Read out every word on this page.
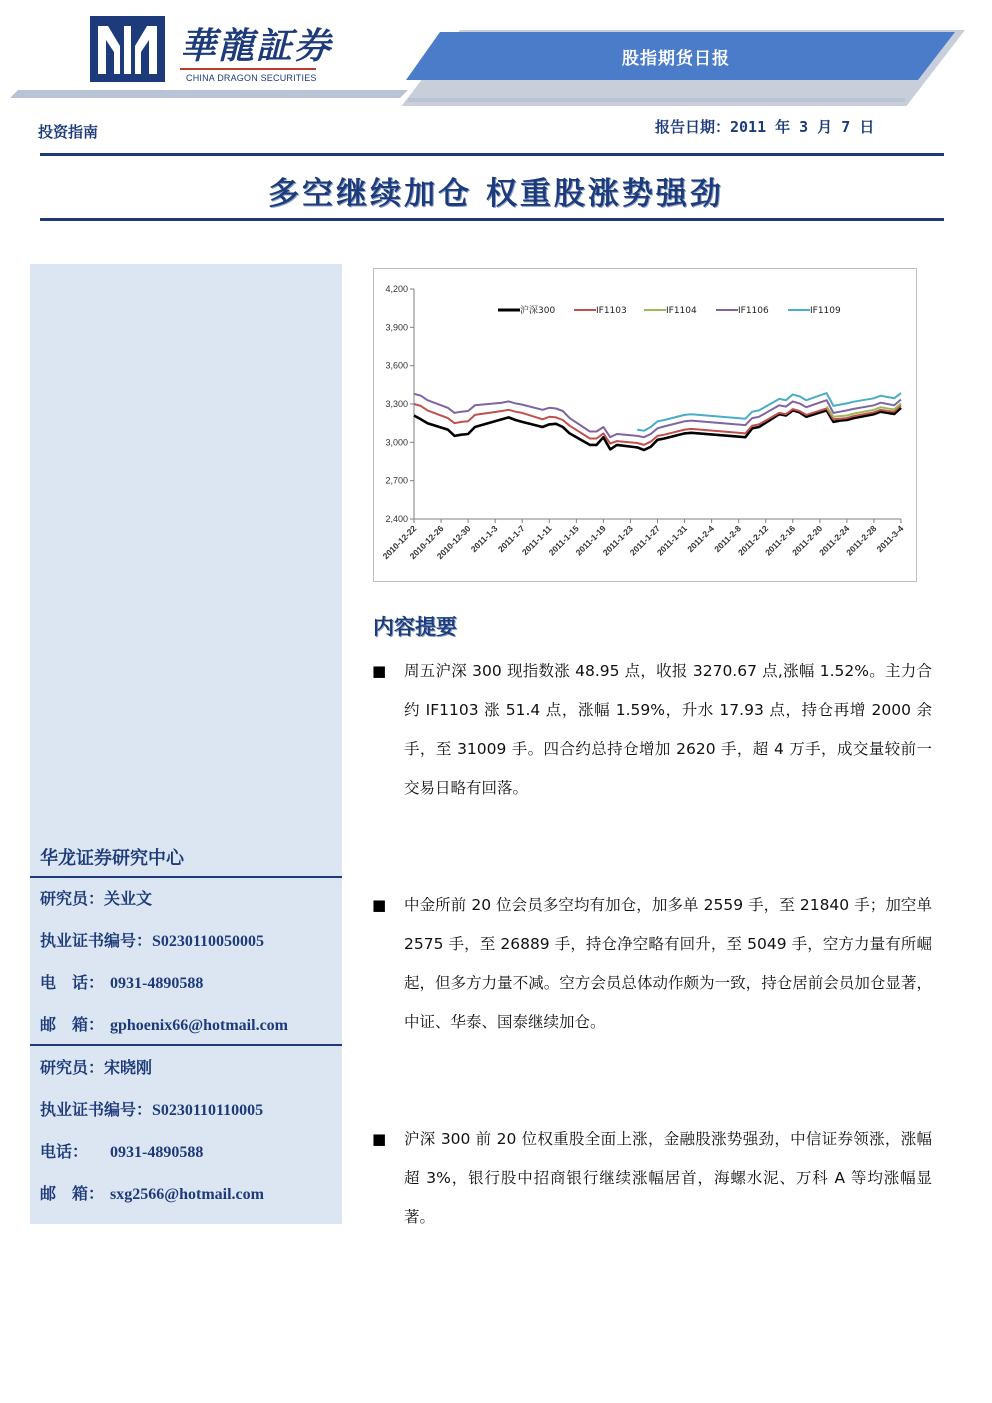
華龍証券
CHINA DRAGON SECURITIES
股指期货日报
投资指南	报告日期：2011 年 3 月 7 日
多空继续加仓 权重股涨势强劲
华龙证券研究中心
研究员：关业文
执业证书编号：S0230110050005
电　话： 0931-4890588
邮　箱： gphoenix66@hotmail.com
研究员：宋晓刚
执业证书编号：S0230110110005
电话： 0931-4890588
邮　箱： sxg2566@hotmail.com
2,400
2,700
3,000
3,300
3,600
3,900
4,200
2010-12-22
2010-12-26
2010-12-30
2011-1-3
2011-1-7
2011-1-11
2011-1-15
2011-1-19
2011-1-23
2011-1-27
2011-1-31
2011-2-4
2011-2-8
2011-2-12
2011-2-16
2011-2-20
2011-2-24
2011-2-28
2011-3-4
沪深300	IF1103	IF1104	IF1106	IF1109
内容提要
■ 周五沪深 300 现指数涨 48.95 点，收报 3270.67 点,涨幅 1.52%。主力合约 IF1103 涨 51.4 点，涨幅 1.59%，升水 17.93 点，持仓再增 2000 余手，至 31009 手。四合约总持仓增加 2620 手，超 4 万手，成交量较前一交易日略有回落。
■ 中金所前 20 位会员多空均有加仓，加多单 2559 手，至 21840 手；加空单 2575 手，至 26889 手，持仓净空略有回升，至 5049 手，空方力量有所崛起，但多方力量不减。空方会员总体动作颇为一致，持仓居前会员加仓显著，中证、华泰、国泰继续加仓。
■ 沪深 300 前 20 位权重股全面上涨，金融股涨势强劲，中信证券领涨，涨幅超 3%，银行股中招商银行继续涨幅居首，海螺水泥、万科 A 等均涨幅显著。
